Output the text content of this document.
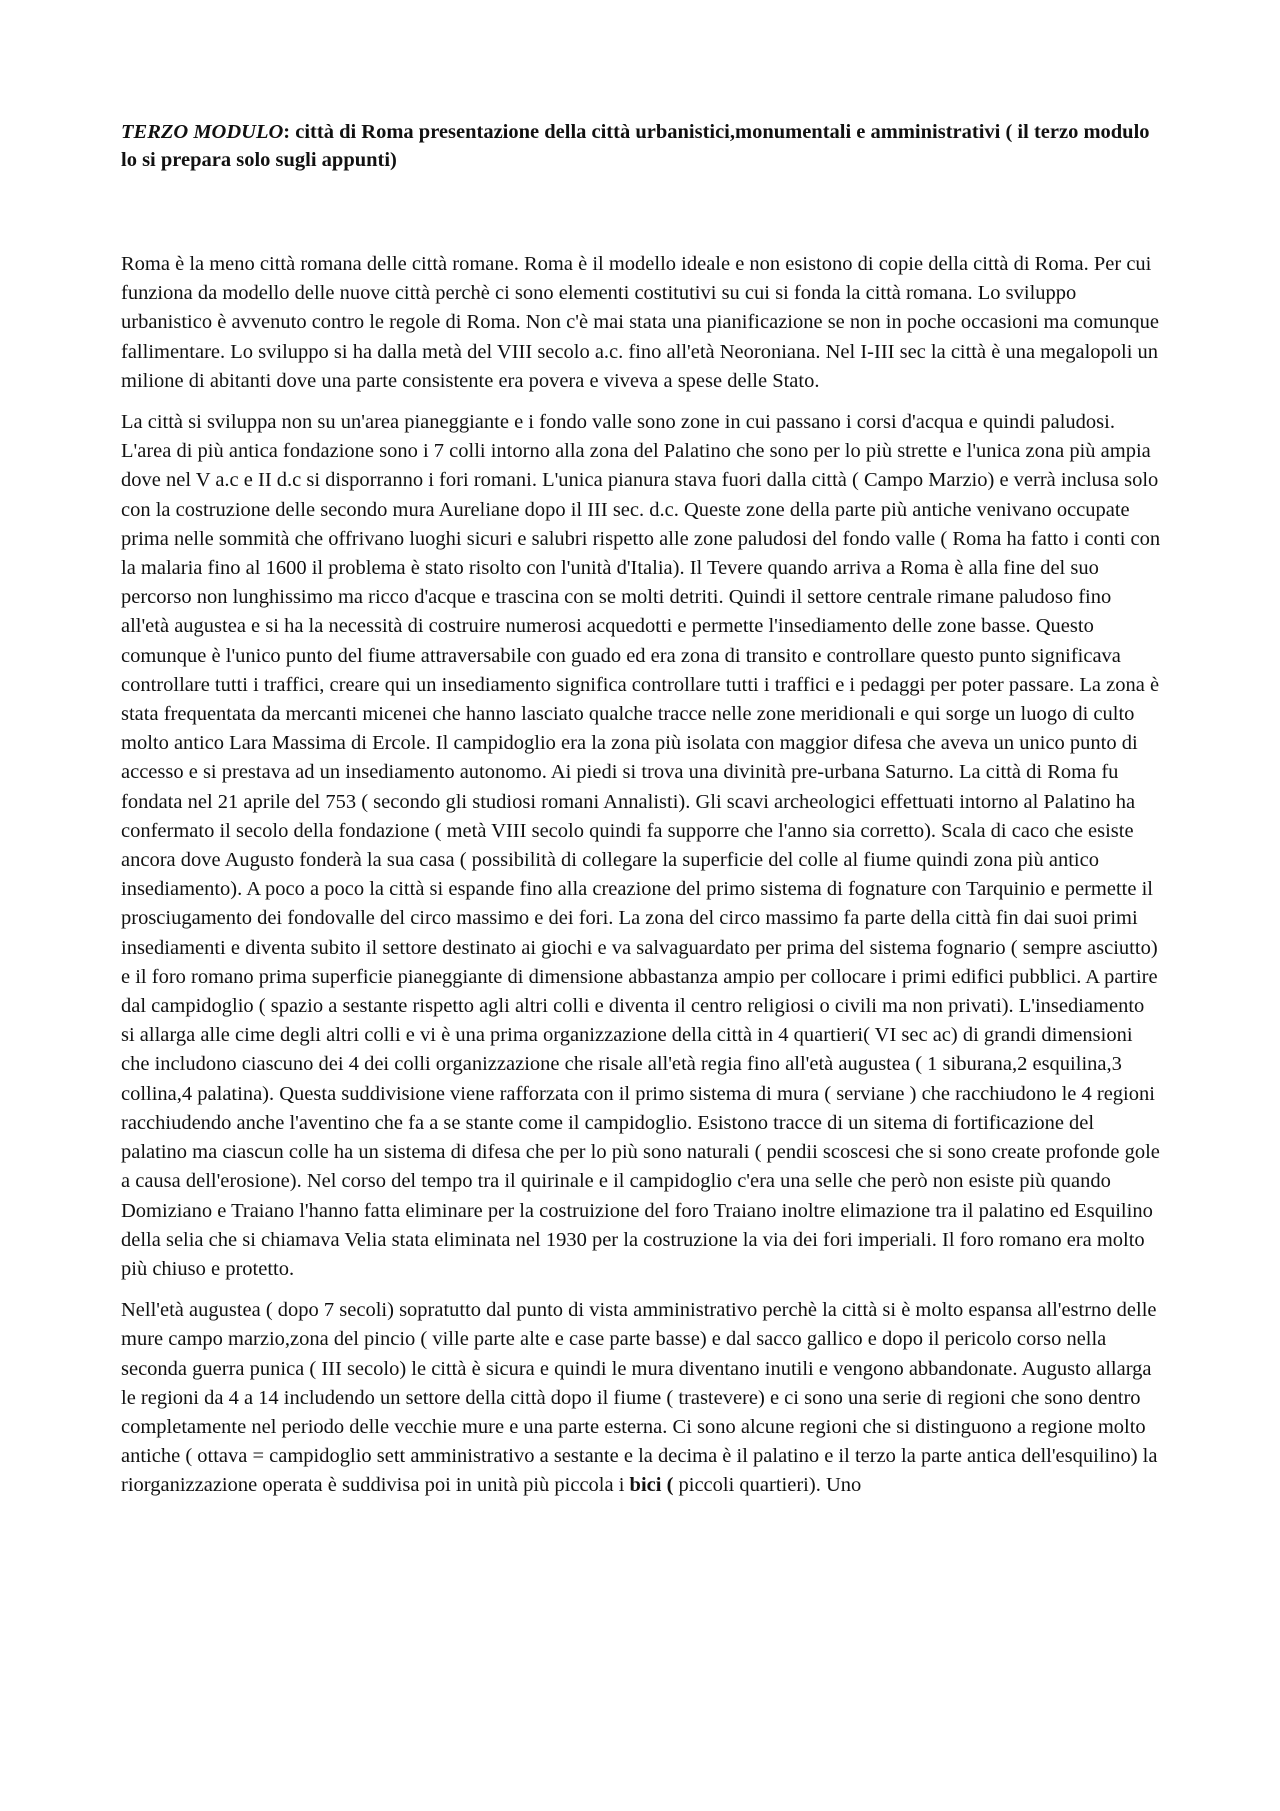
TERZO MODULO: città di Roma presentazione della città urbanistici,monumentali e amministrativi ( il terzo modulo lo si prepara solo sugli appunti)

Roma è la meno città romana delle città romane. Roma è il modello ideale e non esistono di copie della città di Roma. Per cui funziona da modello delle nuove città perchè ci sono elementi costitutivi su cui si fonda la città romana. Lo sviluppo urbanistico è avvenuto contro le regole di Roma. Non c'è mai stata una pianificazione se non in poche occasioni ma comunque fallimentare. Lo sviluppo si ha dalla metà del VIII secolo a.c. fino all'età Neoroniana. Nel I-III sec la città è una megalopoli un milione di abitanti dove una parte consistente era povera e viveva a spese delle Stato.

La città si sviluppa non su un'area pianeggiante e i fondo valle sono zone in cui passano i corsi d'acqua e quindi paludosi. L'area di più antica fondazione sono i 7 colli intorno alla zona del Palatino che sono per lo più strette e l'unica zona più ampia dove nel V a.c e II d.c si disporranno i fori romani. L'unica pianura stava fuori dalla città ( Campo Marzio) e verrà inclusa solo con la costruzione delle secondo mura Aureliane dopo il III sec. d.c. Queste zone della parte più antiche venivano occupate prima nelle sommità che offrivano luoghi sicuri e salubri rispetto alle zone paludosi del fondo valle ( Roma ha fatto i conti con la malaria fino al 1600 il problema è stato risolto con l'unità d'Italia). Il Tevere quando arriva a Roma è alla fine del suo percorso non lunghissimo ma ricco d'acque e trascina con se molti detriti. Quindi il settore centrale rimane paludoso fino all'età augustea e si ha la necessità di costruire numerosi acquedotti e permette l'insediamento delle zone basse. Questo comunque è l'unico punto del fiume attraversabile con guado ed era zona di transito e controllare questo punto significava controllare tutti i traffici, creare qui un insediamento significa controllare tutti i traffici e i pedaggi per poter passare. La zona è stata frequentata da mercanti micenei che hanno lasciato qualche tracce nelle zone meridionali e qui sorge un luogo di culto molto antico Lara Massima di Ercole. Il campidoglio era la zona più isolata con maggior difesa che aveva un unico punto di accesso e si prestava ad un insediamento autonomo. Ai piedi si trova una divinità pre-urbana Saturno. La città di Roma fu fondata nel 21 aprile del 753 ( secondo gli studiosi romani Annalisti). Gli scavi archeologici effettuati intorno al Palatino ha confermato il secolo della fondazione ( metà VIII secolo quindi fa supporre che l'anno sia corretto). Scala di caco che esiste ancora dove Augusto fonderà la sua casa ( possibilità di collegare la superficie del colle al fiume quindi zona più antico insediamento). A poco a poco la città si espande fino alla creazione del primo sistema di fognature con Tarquinio e permette il prosciugamento dei fondovalle del circo massimo e dei fori. La zona del circo massimo fa parte della città fin dai suoi primi insediamenti e diventa subito il settore destinato ai giochi e va salvaguardato per prima del sistema fognario ( sempre asciutto) e il foro romano prima superficie pianeggiante di dimensione abbastanza ampio per collocare i primi edifici pubblici. A partire dal campidoglio ( spazio a sestante rispetto agli altri colli e diventa il centro religiosi o civili ma non privati). L'insediamento si allarga alle cime degli altri colli e vi è una prima organizzazione della città in 4 quartieri( VI sec ac) di grandi dimensioni che includono ciascuno dei 4 dei colli organizzazione che risale all'età regia fino all'età augustea ( 1 siburana,2 esquilina,3 collina,4 palatina). Questa suddivisione viene rafforzata con il primo sistema di mura ( serviane ) che racchiudono le 4 regioni racchiudendo anche l'aventino che fa a se stante come il campidoglio. Esistono tracce di un sitema di fortificazione del palatino ma ciascun colle ha un sistema di difesa che per lo più sono naturali ( pendii scoscesi che si sono create profonde gole a causa dell'erosione). Nel corso del tempo tra il quirinale e il campidoglio c'era una selle che però non esiste più quando Domiziano e Traiano l'hanno fatta eliminare per la costruizione del foro Traiano inoltre elimazione tra il palatino ed Esquilino della selia che si chiamava Velia stata eliminata nel 1930 per la costruzione la via dei fori imperiali. Il foro romano era molto più chiuso e protetto.

Nell'età augustea ( dopo 7 secoli) sopratutto dal punto di vista amministrativo perchè la città si è molto espansa all'estrno delle mure campo marzio,zona del pincio ( ville parte alte e case parte basse) e dal sacco gallico e dopo il pericolo corso nella seconda guerra punica ( III secolo) le città è sicura e quindi le mura diventano inutili e vengono abbandonate. Augusto allarga le regioni da 4 a 14 includendo un settore della città dopo il fiume ( trastevere) e ci sono una serie di regioni che sono dentro completamente nel periodo delle vecchie mure e una parte esterna. Ci sono alcune regioni che si distinguono a regione molto antiche ( ottava = campidoglio sett amministrativo a sestante e la decima è il palatino e il terzo la parte antica dell'esquilino) la riorganizzazione operata è suddivisa poi in unità più piccola i bici ( piccoli quartieri). Uno
